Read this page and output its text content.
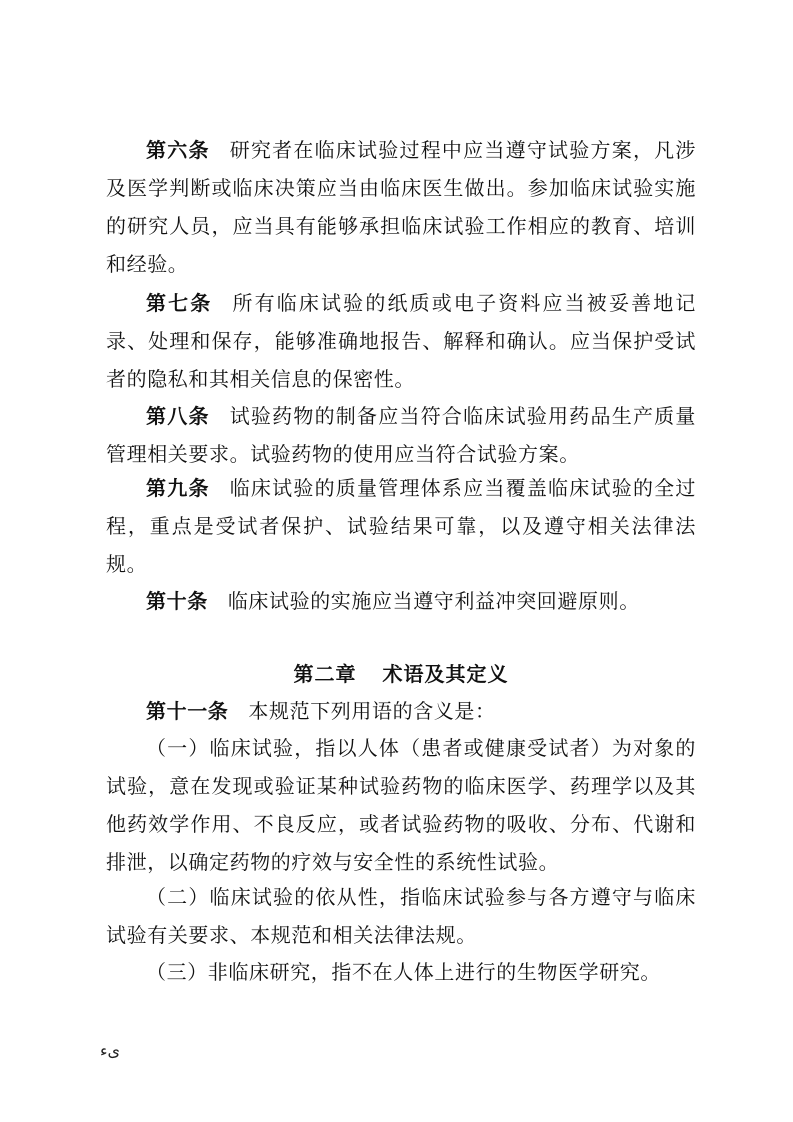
第六条 研究者在临床试验过程中应当遵守试验方案，凡涉及医学判断或临床决策应当由临床医生做出。参加临床试验实施的研究人员，应当具有能够承担临床试验工作相应的教育、培训和经验。

第七条 所有临床试验的纸质或电子资料应当被妥善地记录、处理和保存，能够准确地报告、解释和确认。应当保护受试者的隐私和其相关信息的保密性。

第八条 试验药物的制备应当符合临床试验用药品生产质量管理相关要求。试验药物的使用应当符合试验方案。

第九条 临床试验的质量管理体系应当覆盖临床试验的全过程，重点是受试者保护、试验结果可靠，以及遵守相关法律法规。

第十条 临床试验的实施应当遵守利益冲突回避原则。

第二章 术语及其定义

第十一条 本规范下列用语的含义是：

（一）临床试验，指以人体（患者或健康受试者）为对象的试验，意在发现或验证某种试验药物的临床医学、药理学以及其他药效学作用、不良反应，或者试验药物的吸收、分布、代谢和排泄，以确定药物的疗效与安全性的系统性试验。

（二）临床试验的依从性，指临床试验参与各方遵守与临床试验有关要求、本规范和相关法律法规。

（三）非临床研究，指不在人体上进行的生物医学研究。

ىﺀ
